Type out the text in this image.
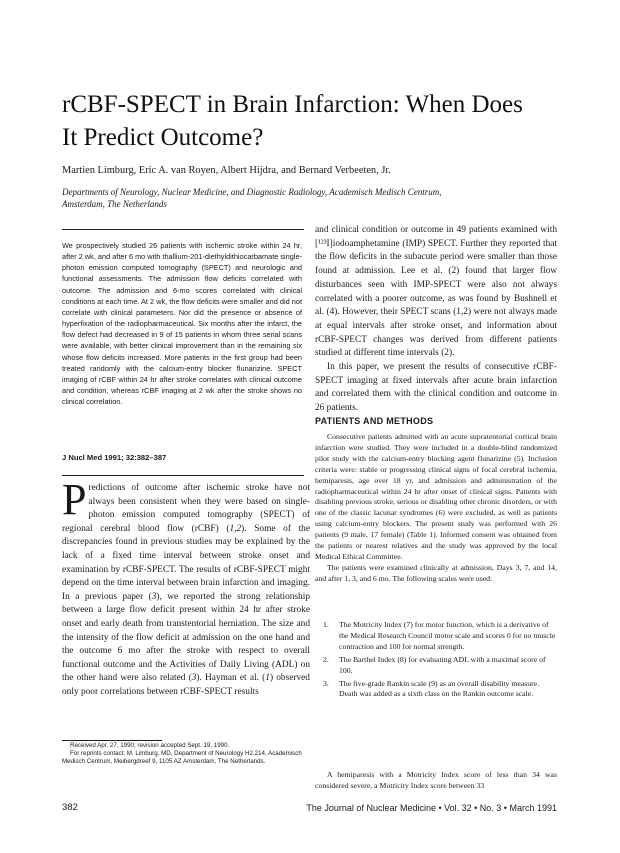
rCBF-SPECT in Brain Infarction: When Does
It Predict Outcome?
Martien Limburg, Eric A. van Royen, Albert Hijdra, and Bernard Verbeeten, Jr.
Departments of Neurology, Nuclear Medicine, and Diagnostic Radiology, Academisch Medisch Centrum,
Amsterdam, The Netherlands
We prospectively studied 26 patients with ischemic stroke within 24 hr, after 2 wk, and after 6 mo with thallium-201-diethyldithiocarbamate single-photon emission computed tomography (SPECT) and neurologic and functional assessments. The admission flow deficits correlated with outcome. The admission and 6-mo scores correlated with clinical conditions at each time. At 2 wk, the flow deficits were smaller and did not correlate with clinical parameters. Nor did the presence or absence of hyperfixation of the radiopharmaceutical. Six months after the infarct, the flow defect had decreased in 9 of 15 patients in whom three serial scans were available, with better clinical improvement than in the remaining six whose flow deficits increased. More patients in the first group had been treated randomly with the calcium-entry blocker flunarizine. SPECT imaging of rCBF within 24 hr after stroke correlates with clinical outcome and condition, whereas rCBF imaging at 2 wk after the stroke shows no clinical correlation.
J Nucl Med 1991; 32:382–387
Predictions of outcome after ischemic stroke have not always been consistent when they were based on single-photon emission computed tomography (SPECT) of regional cerebral blood flow (rCBF) (1,2). Some of the discrepancies found in previous studies may be explained by the lack of a fixed time interval between stroke onset and examination by rCBF-SPECT. The results of rCBF-SPECT might depend on the time interval between brain infarction and imaging. In a previous paper (3), we reported the strong relationship between a large flow deficit present within 24 hr after stroke onset and early death from transtentorial herniation. The size and the intensity of the flow deficit at admission on the one hand and the outcome 6 mo after the stroke with respect to overall functional outcome and the Activities of Daily Living (ADL) on the other hand were also related (3). Hayman et al. (1) observed only poor correlations between rCBF-SPECT results
Received Apr. 27, 1990; revision accepted Sept. 19, 1990.
For reprints contact: M. Limburg, MD, Department of Neurology H2.214, Academisch Medisch Centrum, Meibergdreef 9, 1105 AZ Amsterdam, The Netherlands.

and clinical condition or outcome in 49 patients examined with [¹²³I]iodoamphetamine (IMP) SPECT. Further they reported that the flow deficits in the subacute period were smaller than those found at admission. Lee et al. (2) found that larger flow disturbances seen with IMP-SPECT were also not always correlated with a poorer outcome, as was found by Bushnell et al. (4). However, their SPECT scans (1,2) were not always made at equal intervals after stroke onset, and information about rCBF-SPECT changes was derived from different patients studied at different time intervals (2).

In this paper, we present the results of consecutive rCBF-SPECT imaging at fixed intervals after acute brain infarction and correlated them with the clinical condition and outcome in 26 patients.

PATIENTS AND METHODS

Consecutive patients admitted with an acute supratentorial cortical brain infarction were studied. They were included in a double-blind randomized pilot study with the calcium-entry blocking agent flunarizine (5). Inclusion criteria were: stable or progressing clinical signs of focal cerebral ischemia, hemiparesis, age over 18 yr, and admission and administration of the radiopharmaceutical within 24 hr after onset of clinical signs. Patients with disabling previous stroke, serious or disabling other chronic disorders, or with one of the classic lacunar syndromes (6) were excluded, as well as patients using calcium-entry blockers. The present study was performed with 26 patients (9 male, 17 female) (Table 1). Informed consent was obtained from the patients or nearest relatives and the study was approved by the local Medical Ethical Committee.

The patients were examined clinically at admission, Days 3, 7, and 14, and after 1, 3, and 6 mo. The following scales were used:

1. The Motricity Index (7) for motor function, which is a derivative of the Medical Research Council motor scale and scores 0 for no muscle contraction and 100 for normal strength.
2. The Barthel Index (8) for evaluating ADL with a maximal score of 100.
3. The five-grade Rankin scale (9) as an overall disability measure. Death was added as a sixth class on the Rankin outcome scale.
A hemiparesis with a Motricity Index score of less than 34 was considered severe, a Motricity Index score between 33
382	The Journal of Nuclear Medicine • Vol. 32 • No. 3 • March 1991
